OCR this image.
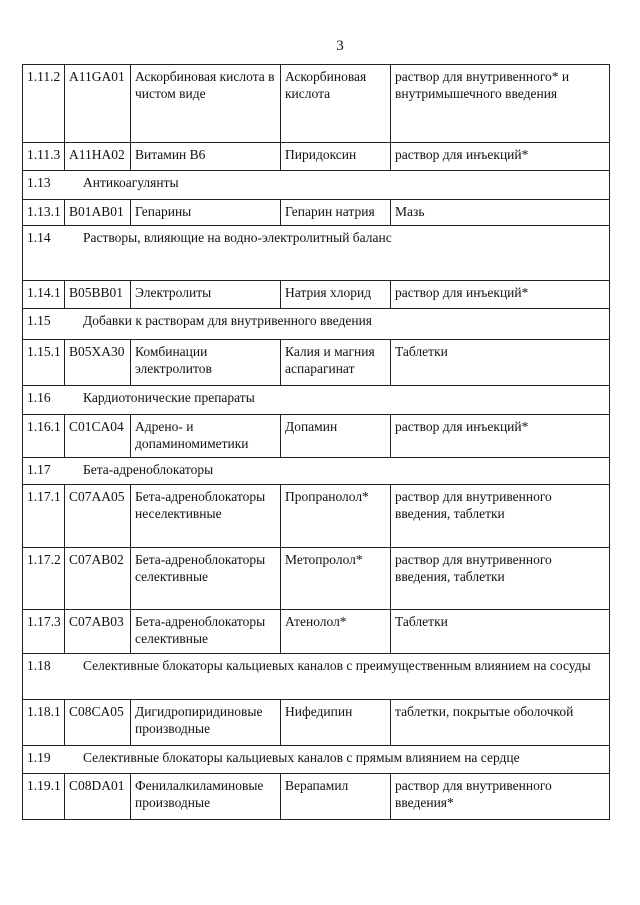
3
1.11.2	A11GA01	Аскорбиновая кислота в чистом виде	Аскорбиновая кислота	раствор для внутривенного* и внутримышечного введения
1.11.3	A11HA02	Витамин B6	Пиридоксин	раствор для инъекций*
1.13 Антикоагулянты				
1.13.1	B01AB01	Гепарины	Гепарин натрия	Мазь
1.14 Растворы, влияющие на водно-электролитный баланс				
1.14.1	B05BB01	Электролиты	Натрия хлорид	раствор для инъекций*
1.15 Добавки к растворам для внутривенного введения				
1.15.1	B05XA30	Комбинации электролитов	Калия и магния аспарагинат	Таблетки
1.16 Кардиотонические препараты				
1.16.1	C01CA04	Адрено- и допаминомиметики	Допамин	раствор для инъекций*
1.17 Бета-адреноблокаторы				
1.17.1	C07AA05	Бета-адреноблокаторы неселективные	Пропранолол*	раствор для внутривенного введения, таблетки
1.17.2	C07AB02	Бета-адреноблокаторы селективные	Метопролол*	раствор для внутривенного введения, таблетки
1.17.3	C07AB03	Бета-адреноблокаторы селективные	Атенолол*	Таблетки
1.18 Селективные блокаторы кальциевых каналов с преимущественным влиянием на сосуды				
1.18.1	C08CA05	Дигидропиридиновые производные	Нифедипин	таблетки, покрытые оболочкой
1.19 Селективные блокаторы кальциевых каналов с прямым влиянием на сердце				
1.19.1	C08DA01	Фенилалкиламиновые производные	Верапамил	раствор для внутривенного введения*
